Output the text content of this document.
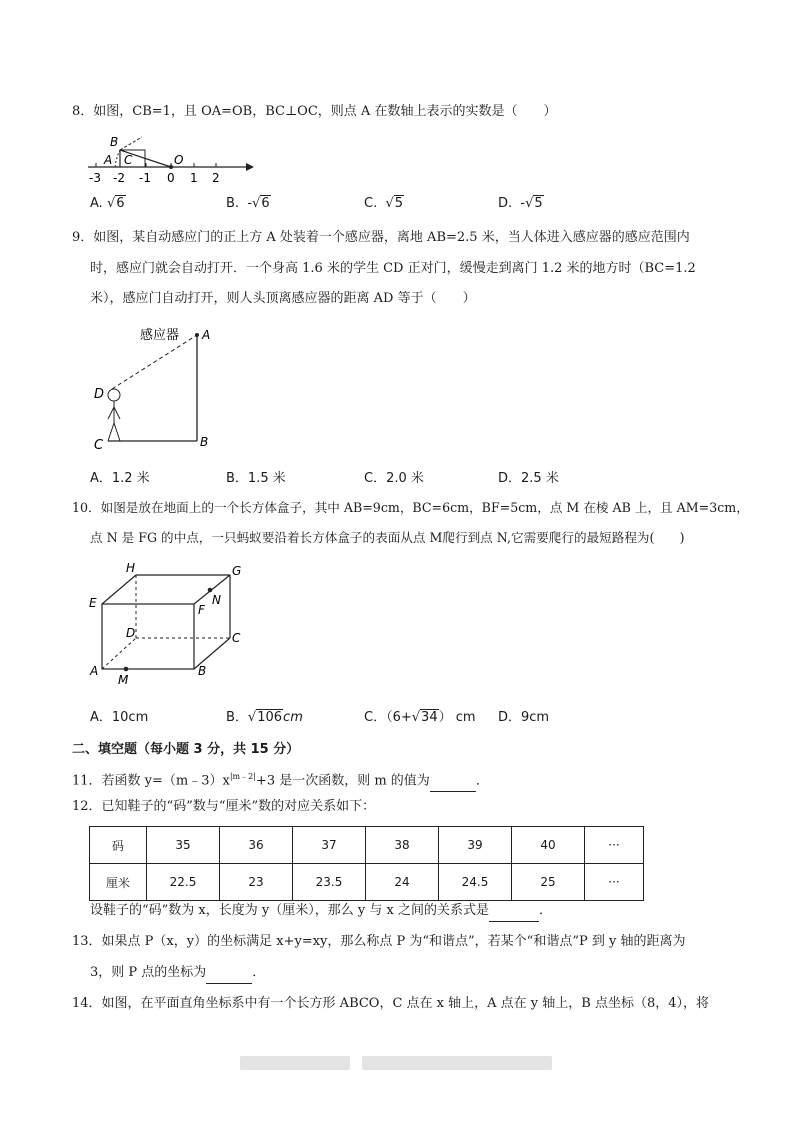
8．如图，CB=1，且 OA=OB，BC⊥OC，则点 A 在数轴上表示的实数是（　　）
B
A C	O
-3 -2 -1 0 1 2
A. √6	B. -√6	C. √5	D. -√5
9．如图，某自动感应门的正上方 A 处装着一个感应器，离地 AB=2.5 米，当人体进入感应器的感应范围内
时，感应门就会自动打开．一个身高 1.6 米的学生 CD 正对门，缓慢走到离门 1.2 米的地方时（BC=1.2
米），感应门自动打开，则人头顶离感应器的距离 AD 等于（　　）
感应器 A
D
C	B
A．1.2 米	B．1.5 米	C．2.0 米	D．2.5 米
10．如图是放在地面上的一个长方体盒子，其中 AB=9cm，BC=6cm，BF=5cm，点 M 在棱 AB 上，且 AM=3cm，
点 N 是 FG 的中点，一只蚂蚁要沿着长方体盒子的表面从点 M爬行到点 N,它需要爬行的最短路程为(　　)
H	G
E	N
F
D	C
A	B
M
A．10cm	B．√106cm	C．（6+√34） cm D．9cm
二、填空题（每小题 3 分，共 15 分）
11．若函数 $y=(m﹣3)x^{|m﹣2|}+3$ 是一次函数，则 m 的值为	．
12．已知鞋子的“码”数与“厘米”数的对应关系如下：
码	35	36	37	38	39	40	···
厘米	22.5	23	23.5	24	24.5	25	···
设鞋子的“码”数为 x，长度为 y（厘米），那么 y 与 x 之间的关系式是	．
13．如果点 P（x，y）的坐标满足 x+y=xy，那么称点 P 为“和谐点”，若某个“和谐点”P 到 y 轴的距离为
3，则 P 点的坐标为	．
14．如图，在平面直角坐标系中有一个长方形 ABCO，C 点在 x 轴上，A 点在 y 轴上，B 点坐标（8，4），将
